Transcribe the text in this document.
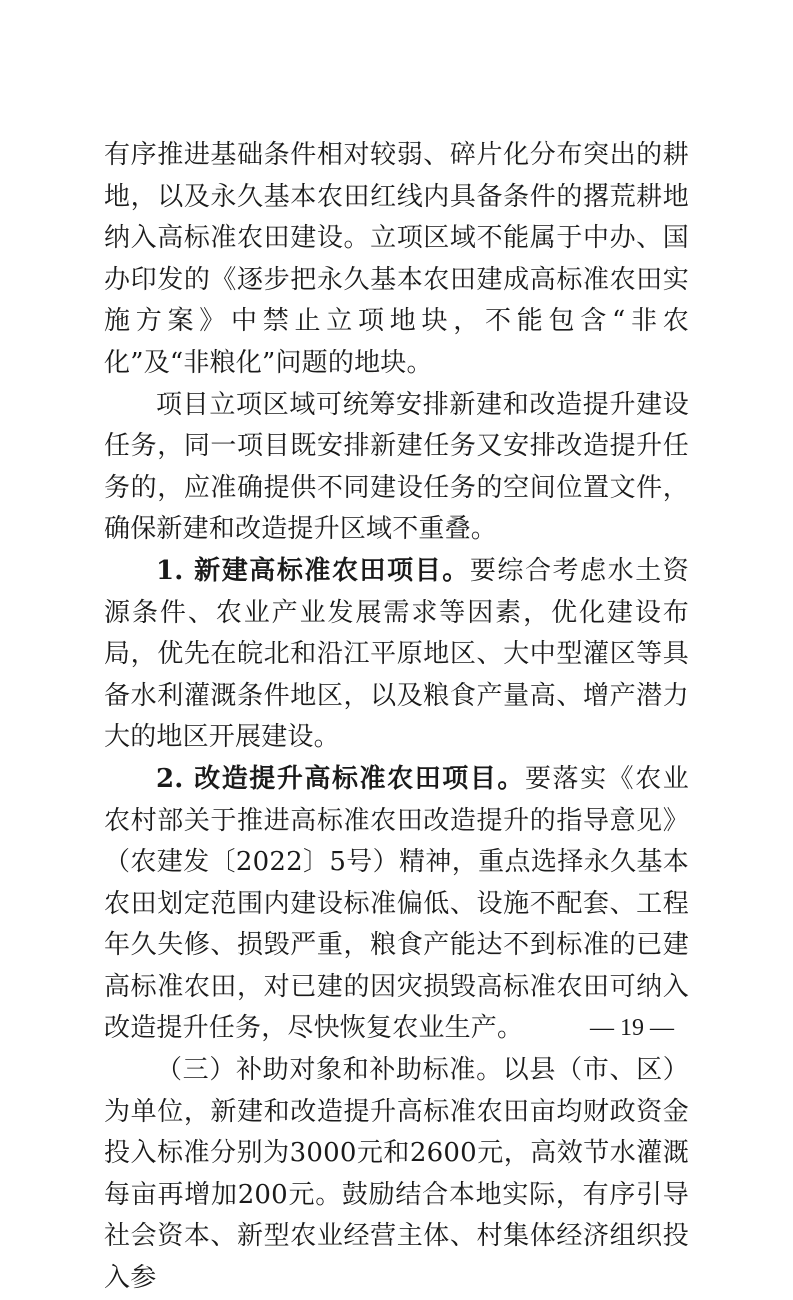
有序推进基础条件相对较弱、碎片化分布突出的耕地，以及永久基本农田红线内具备条件的撂荒耕地纳入高标准农田建设。立项区域不能属于中办、国办印发的《逐步把永久基本农田建成高标准农田实施方案》中禁止立项地块，不能包含“非农化”及“非粮化”问题的地块。

项目立项区域可统筹安排新建和改造提升建设任务，同一项目既安排新建任务又安排改造提升任务的，应准确提供不同建设任务的空间位置文件，确保新建和改造提升区域不重叠。

1. 新建高标准农田项目。要综合考虑水土资源条件、农业产业发展需求等因素，优化建设布局，优先在皖北和沿江平原地区、大中型灌区等具备水利灌溉条件地区，以及粮食产量高、增产潜力大的地区开展建设。

2. 改造提升高标准农田项目。要落实《农业农村部关于推进高标准农田改造提升的指导意见》（农建发〔2022〕5号）精神，重点选择永久基本农田划定范围内建设标准偏低、设施不配套、工程年久失修、损毁严重，粮食产能达不到标准的已建高标准农田，对已建的因灾损毁高标准农田可纳入改造提升任务，尽快恢复农业生产。

（三）补助对象和补助标准。以县（市、区）为单位，新建和改造提升高标准农田亩均财政资金投入标准分别为3000元和2600元，高效节水灌溉每亩再增加200元。鼓励结合本地实际，有序引导社会资本、新型农业经营主体、村集体经济组织投入参

— 19 —
